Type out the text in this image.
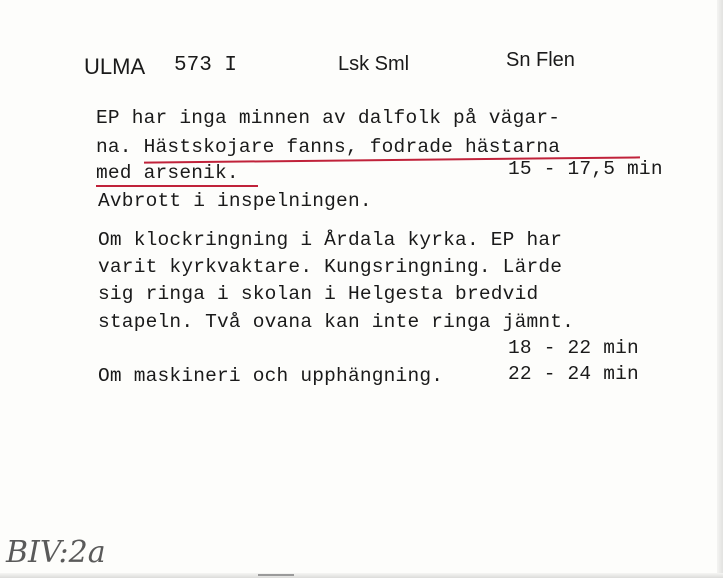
ULMA 573 I	Lsk Sml	Sn Flen
EP har inga minnen av dalfolk på vägar-
na. Hästskojare fanns, fodrade hästarna
med arsenik.	15 - 17,5 min
Avbrott i inspelningen.
Om klockringning i Årdala kyrka. EP har
varit kyrkvaktare. Kungsringning. Lärde
sig ringa i skolan i Helgesta bredvid
stapeln. Två ovana kan inte ringa jämnt.
18 - 22 min
Om maskineri och upphängning.	22 - 24 min
BIV:2a
